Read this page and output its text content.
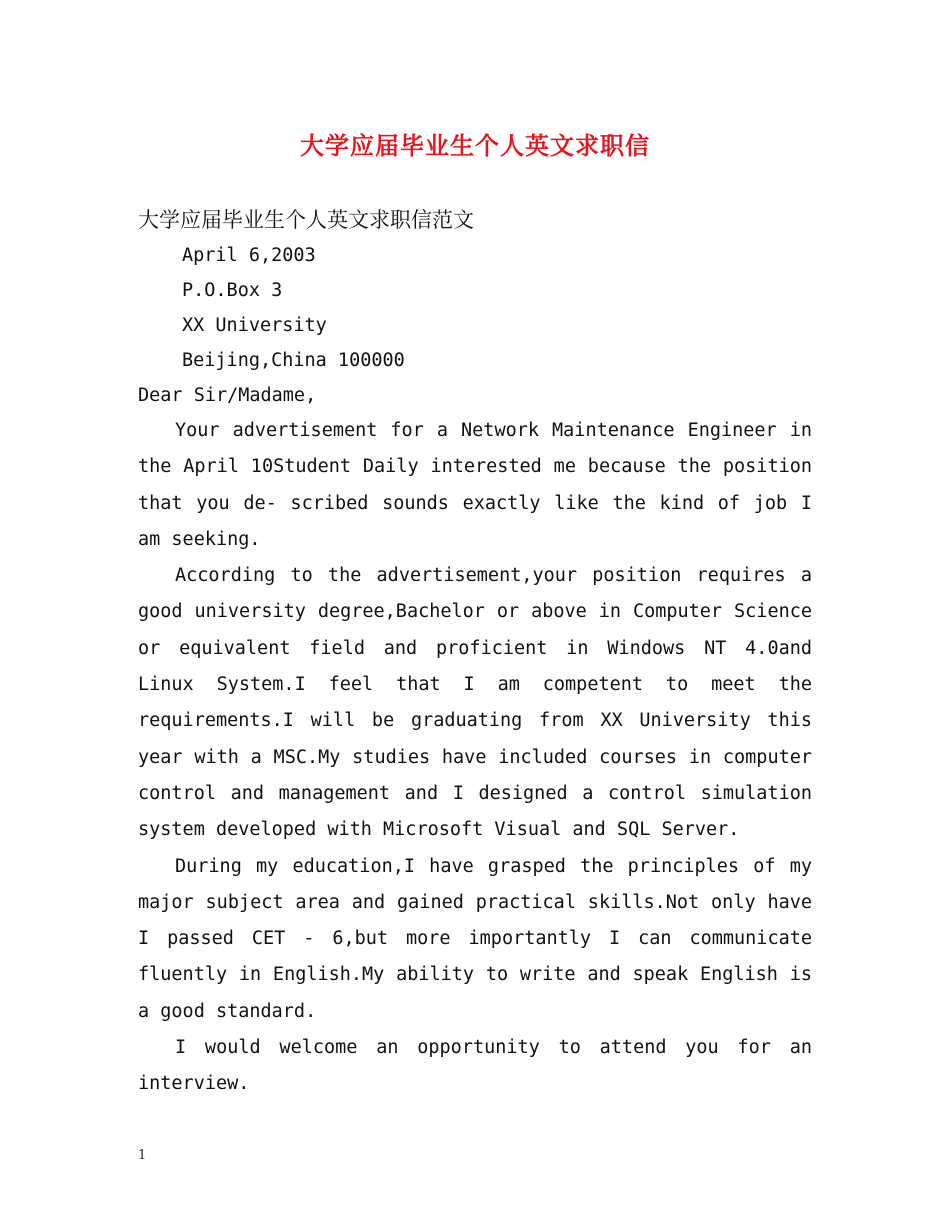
大学应届毕业生个人英文求职信
大学应届毕业生个人英文求职信范文
April 6,2003
P.O.Box 3
XX University
Beijing,China 100000
Dear Sir/Madame,

Your advertisement for a Network Maintenance Engineer in the April 10Student Daily interested me because the position that you de- scribed sounds exactly like the kind of job I am seeking.

According to the advertisement,your position requires a good university degree,Bachelor or above in Computer Science or equivalent field and proficient in Windows NT 4.0and Linux System.I feel that I am competent to meet the requirements.I will be graduating from XX University this year with a MSC.My studies have included courses in computer control and management and I designed a control simulation system developed with Microsoft Visual and SQL Server.

During my education,I have grasped the principles of my major subject area and gained practical skills.Not only have I passed CET - 6,but more importantly I can communicate fluently in English.My ability to write and speak English is a good standard.

I would welcome an opportunity to attend you for an interview.

1
